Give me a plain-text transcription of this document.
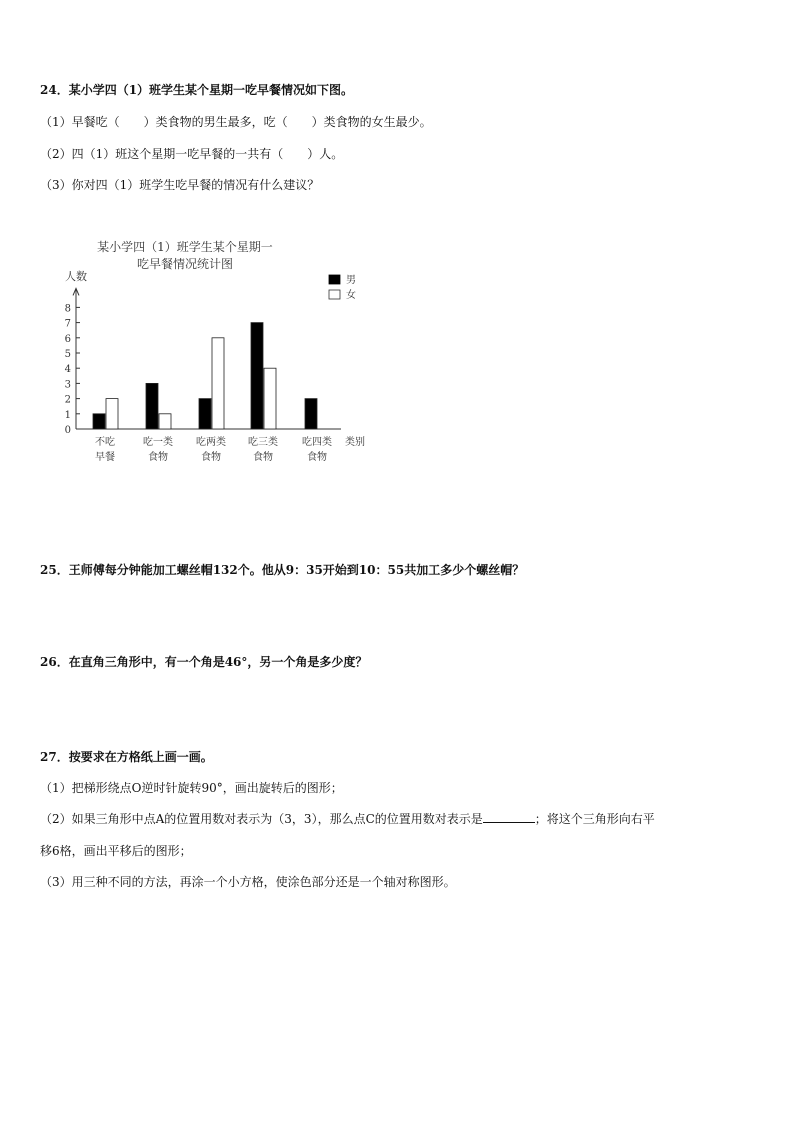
24．某小学四（1）班学生某个星期一吃早餐情况如下图。
（1）早餐吃（　　）类食物的男生最多，吃（　　）类食物的女生最少。
（2）四（1）班这个星期一吃早餐的一共有（　　）人。
（3）你对四（1）班学生吃早餐的情况有什么建议？
某小学四（1）班学生某个星期一
吃早餐情况统计图
人数
类别
男
女
0
1
2
3
4
5
6
7
8
不吃
早餐
吃一类
食物
吃两类
食物
吃三类
食物
吃四类
食物
25．王师傅每分钟能加工螺丝帽132个。他从9：35开始到10：55共加工多少个螺丝帽？
26．在直角三角形中，有一个角是46°，另一个角是多少度？
27．按要求在方格纸上画一画。
（1）把梯形绕点O逆时针旋转90°，画出旋转后的图形；
（2）如果三角形中点A的位置用数对表示为（3，3），那么点C的位置用数对表示是	；将这个三角形向右平
移6格，画出平移后的图形；
（3）用三种不同的方法，再涂一个小方格，使涂色部分还是一个轴对称图形。
